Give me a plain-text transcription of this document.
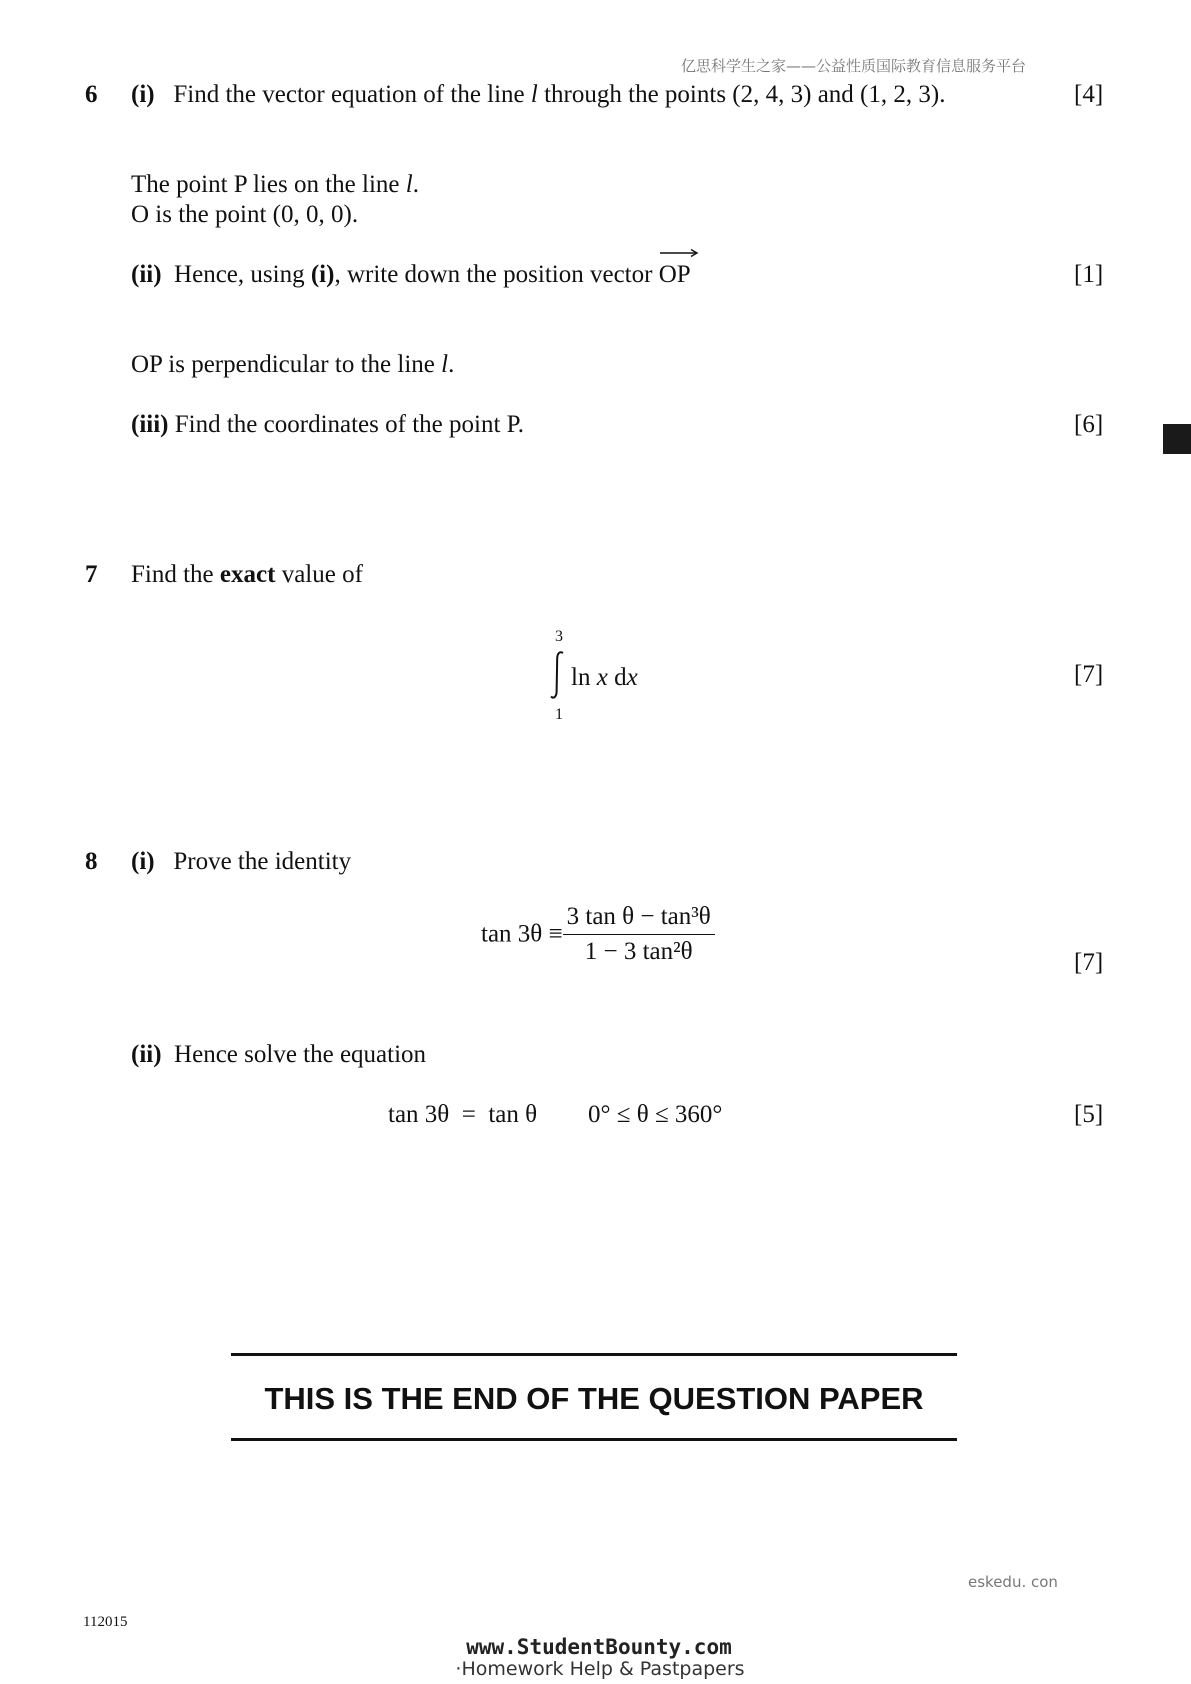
亿思科学生之家——公益性质国际教育信息服务平台
6 (i) Find the vector equation of the line l through the points (2, 4, 3) and (1, 2, 3).	[4]
The point P lies on the line l.
O is the point (0, 0, 0).
(ii) Hence, using (i), write down the position vector
OP	[1]
OP is perpendicular to the line l.
(iii) Find the coordinates of the point P.	[6]
7 Find the exact value of
3
1
ln x dx	[7]
8 (i) Prove the identity
$\tan 3\theta \equiv \frac{\text{3 tan θ − tan³θ}}{\text{1 − 3 tan²θ}}$	[7]
(ii) Hence solve the equation
tan 3θ  =  tan θ 0° ≤ θ ≤ 360°	[5]
THIS IS THE END OF THE QUESTION PAPER
eskedu. con
112015
www.StudentBounty.com
·Homework Help & Pastpapers
